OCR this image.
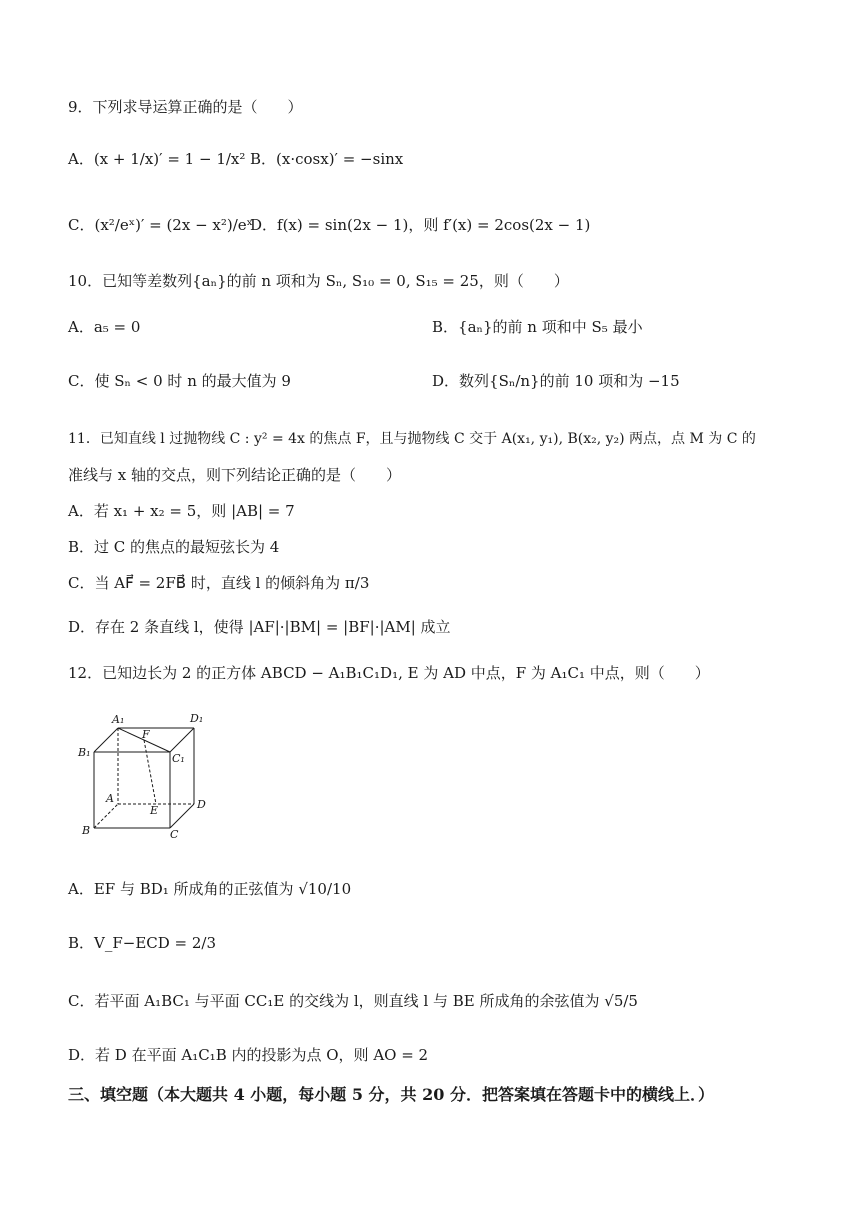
9．下列求导运算正确的是（　　）
A．(x + 1/x)′ = 1 − 1/x² B．(x·cosx)′ = −sinx
C．(x²/eˣ)′ = (2x − x²)/eˣ
D．f(x) = sin(2x − 1)，则 f′(x) = 2cos(2x − 1)
10．已知等差数列{aₙ}的前 n 项和为 Sₙ, S₁₀ = 0, S₁₅ = 25，则（　　）
A．a₅ = 0	B．{aₙ}的前 n 项和中 S₅ 最小
C．使 Sₙ < 0 时 n 的最大值为 9	D．数列{Sₙ/n}的前 10 项和为 −15
11．已知直线 l 过抛物线 C : y² = 4x 的焦点 F，且与抛物线 C 交于 A(x₁, y₁), B(x₂, y₂) 两点，点 M 为 C 的
准线与 x 轴的交点，则下列结论正确的是（　　）
A．若 x₁ + x₂ = 5，则 |AB| = 7
B．过 C 的焦点的最短弦长为 4
C．当 AF⃗ = 2FB⃗ 时，直线 l 的倾斜角为 π/3
D．存在 2 条直线 l，使得 |AF|·|BM| = |BF|·|AM| 成立
12．已知边长为 2 的正方体 ABCD − A₁B₁C₁D₁, E 为 AD 中点，F 为 A₁C₁ 中点，则（　　）
A₁	D₁
F
B₁	C₁
A
E	D
B	C
A．EF 与 BD₁ 所成角的正弦值为 √10/10
B．V_F−ECD = 2/3
C．若平面 A₁BC₁ 与平面 CC₁E 的交线为 l，则直线 l 与 BE 所成角的余弦值为 √5/5
D．若 D 在平面 A₁C₁B 内的投影为点 O，则 AO = 2
三、填空题（本大题共 4 小题，每小题 5 分，共 20 分．把答案填在答题卡中的横线上．）
